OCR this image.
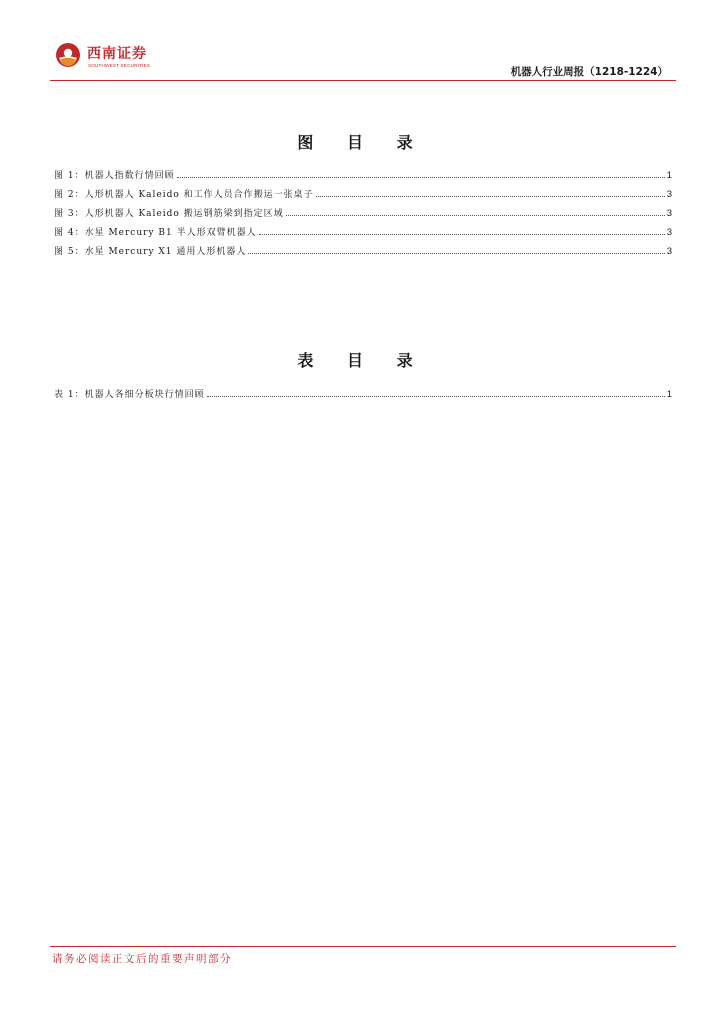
西南证券
SOUTHWEST SECURITIES
机器人行业周报（1218-1224）
图 目 录
图 1：机器人指数行情回顾	1
图 2：人形机器人 Kaleido 和工作人员合作搬运一张桌子	3
图 3：人形机器人 Kaleido 搬运钢筋梁到指定区域	3
图 4：水星 Mercury B1 半人形双臂机器人	3
图 5：水星 Mercury X1 通用人形机器人	3
表 目 录
表 1：机器人各细分板块行情回顾	1
请务必阅读正文后的重要声明部分
